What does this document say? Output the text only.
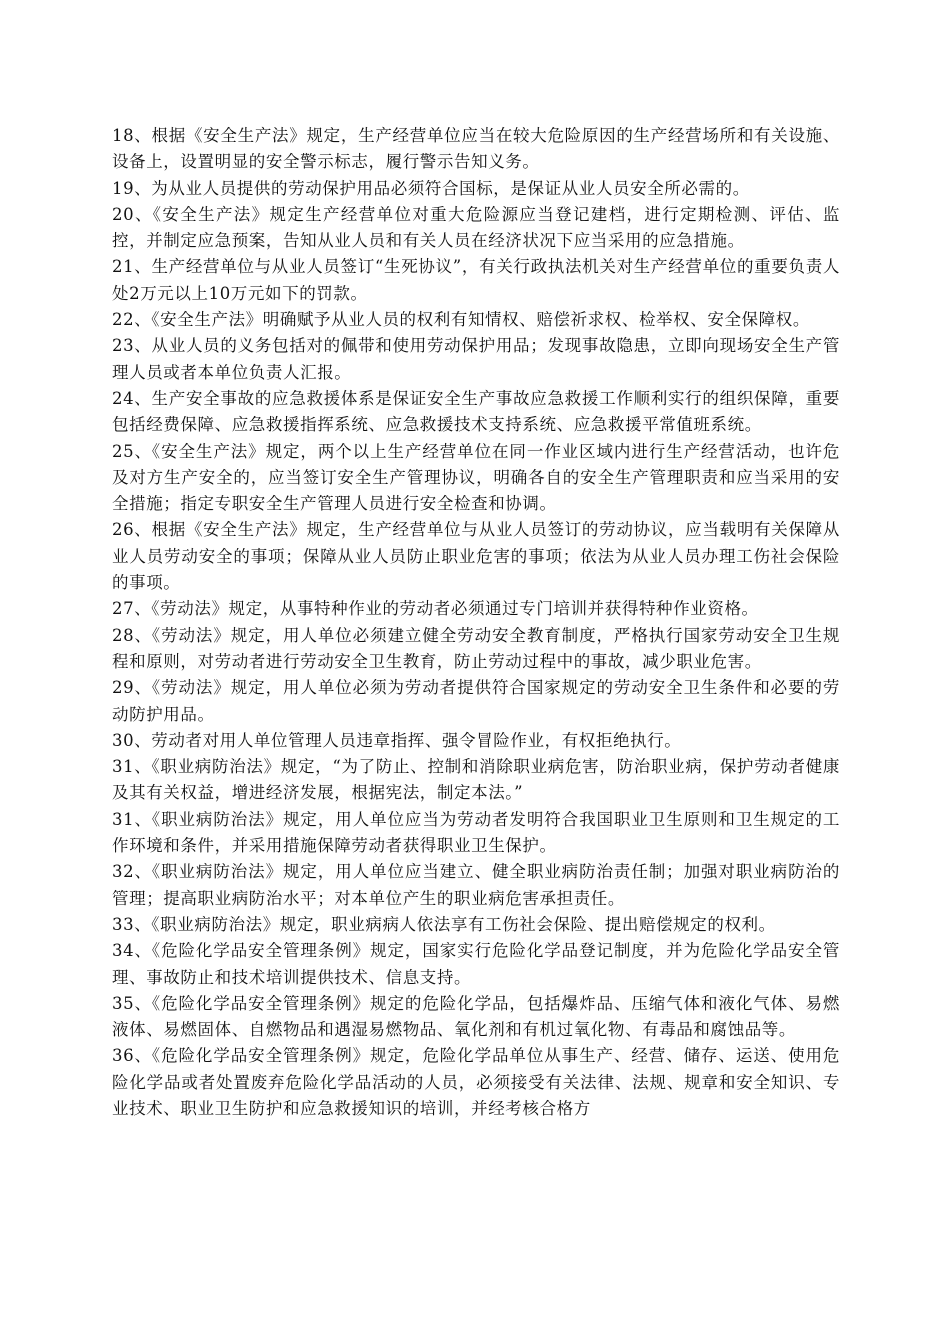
18、根据《安全生产法》规定，生产经营单位应当在较大危险原因的生产经营场所和有关设施、设备上，设置明显的安全警示标志，履行警示告知义务。

19、为从业人员提供的劳动保护用品必须符合国标，是保证从业人员安全所必需的。

20、《安全生产法》规定生产经营单位对重大危险源应当登记建档，进行定期检测、评估、监控，并制定应急预案，告知从业人员和有关人员在经济状况下应当采用的应急措施。

21、生产经营单位与从业人员签订“生死协议”，有关行政执法机关对生产经营单位的重要负责人处2万元以上10万元如下的罚款。

22、《安全生产法》明确赋予从业人员的权利有知情权、赔偿祈求权、检举权、安全保障权。

23、从业人员的义务包括对的佩带和使用劳动保护用品；发现事故隐患，立即向现场安全生产管理人员或者本单位负责人汇报。

24、生产安全事故的应急救援体系是保证安全生产事故应急救援工作顺利实行的组织保障，重要包括经费保障、应急救援指挥系统、应急救援技术支持系统、应急救援平常值班系统。

25、《安全生产法》规定，两个以上生产经营单位在同一作业区域内进行生产经营活动，也许危及对方生产安全的，应当签订安全生产管理协议，明确各自的安全生产管理职责和应当采用的安全措施；指定专职安全生产管理人员进行安全检查和协调。

26、根据《安全生产法》规定，生产经营单位与从业人员签订的劳动协议，应当载明有关保障从业人员劳动安全的事项；保障从业人员防止职业危害的事项；依法为从业人员办理工伤社会保险的事项。

27、《劳动法》规定，从事特种作业的劳动者必须通过专门培训并获得特种作业资格。

28、《劳动法》规定，用人单位必须建立健全劳动安全教育制度，严格执行国家劳动安全卫生规程和原则，对劳动者进行劳动安全卫生教育，防止劳动过程中的事故，减少职业危害。

29、《劳动法》规定，用人单位必须为劳动者提供符合国家规定的劳动安全卫生条件和必要的劳动防护用品。

30、劳动者对用人单位管理人员违章指挥、强令冒险作业，有权拒绝执行。

31、《职业病防治法》规定，“为了防止、控制和消除职业病危害，防治职业病，保护劳动者健康及其有关权益，增进经济发展，根据宪法，制定本法。”

31、《职业病防治法》规定，用人单位应当为劳动者发明符合我国职业卫生原则和卫生规定的工作环境和条件，并采用措施保障劳动者获得职业卫生保护。

32、《职业病防治法》规定，用人单位应当建立、健全职业病防治责任制；加强对职业病防治的管理；提高职业病防治水平；对本单位产生的职业病危害承担责任。

33、《职业病防治法》规定，职业病病人依法享有工伤社会保险、提出赔偿规定的权利。

34、《危险化学品安全管理条例》规定，国家实行危险化学品登记制度，并为危险化学品安全管理、事故防止和技术培训提供技术、信息支持。

35、《危险化学品安全管理条例》规定的危险化学品，包括爆炸品、压缩气体和液化气体、易燃液体、易燃固体、自燃物品和遇湿易燃物品、氧化剂和有机过氧化物、有毒品和腐蚀品等。

36、《危险化学品安全管理条例》规定，危险化学品单位从事生产、经营、储存、运送、使用危险化学品或者处置废弃危险化学品活动的人员，必须接受有关法律、法规、规章和安全知识、专业技术、职业卫生防护和应急救援知识的培训，并经考核合格方
